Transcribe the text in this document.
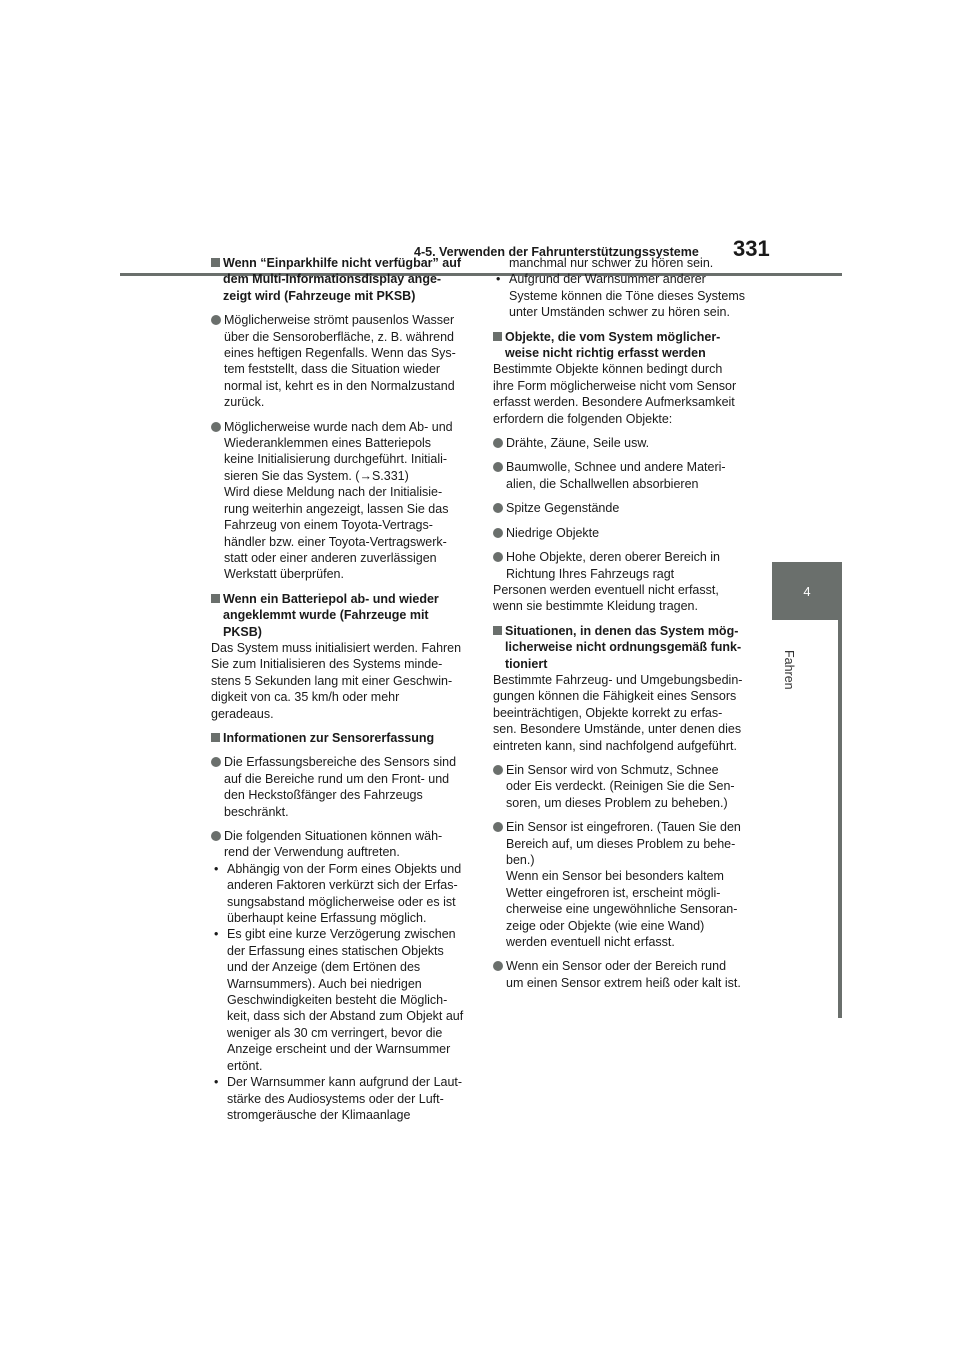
4-5. Verwenden der Fahrunterstützungssysteme	331
4
Fahren
Wenn “Einparkhilfe nicht verfügbar” auf
dem Multi-Informationsdisplay ange-
zeigt wird (Fahrzeuge mit PKSB)
Möglicherweise strömt pausenlos Wasser
über die Sensoroberfläche, z. B. während
eines heftigen Regenfalls. Wenn das Sys-
tem feststellt, dass die Situation wieder
normal ist, kehrt es in den Normalzustand
zurück.
Möglicherweise wurde nach dem Ab- und
Wiederanklemmen eines Batteriepols
keine Initialisierung durchgeführt. Initiali-
sieren Sie das System. (→S.331)
Wird diese Meldung nach der Initialisie-
rung weiterhin angezeigt, lassen Sie das
Fahrzeug von einem Toyota-Vertrags-
händler bzw. einer Toyota-Vertragswerk-
statt oder einer anderen zuverlässigen
Werkstatt überprüfen.
Wenn ein Batteriepol ab- und wieder
angeklemmt wurde (Fahrzeuge mit
PKSB)

Das System muss initialisiert werden. Fahren
Sie zum Initialisieren des Systems minde-
stens 5 Sekunden lang mit einer Geschwin-
digkeit von ca. 35 km/h oder mehr
geradeaus.

Informationen zur Sensorerfassung
Die Erfassungsbereiche des Sensors sind
auf die Bereiche rund um den Front- und
den Heckstoßfänger des Fahrzeugs
beschränkt.
Die folgenden Situationen können wäh-
rend der Verwendung auftreten.
• Abhängig von der Form eines Objekts und
anderen Faktoren verkürzt sich der Erfas-
sungsabstand möglicherweise oder es ist
überhaupt keine Erfassung möglich.
• Es gibt eine kurze Verzögerung zwischen
der Erfassung eines statischen Objekts
und der Anzeige (dem Ertönen des
Warnsummers). Auch bei niedrigen
Geschwindigkeiten besteht die Möglich-
keit, dass sich der Abstand zum Objekt auf
weniger als 30 cm verringert, bevor die
Anzeige erscheint und der Warnsummer
ertönt.
• Der Warnsummer kann aufgrund der Laut-
stärke des Audiosystems oder der Luft-
stromgeräusche der Klimaanlage

manchmal nur schwer zu hören sein.

• Aufgrund der Warnsummer anderer
Systeme können die Töne dieses Systems
unter Umständen schwer zu hören sein.
Objekte, die vom System möglicher-
weise nicht richtig erfasst werden

Bestimmte Objekte können bedingt durch
ihre Form möglicherweise nicht vom Sensor
erfasst werden. Besondere Aufmerksamkeit
erfordern die folgenden Objekte:

Drähte, Zäune, Seile usw.
Baumwolle, Schnee und andere Materi-
alien, die Schallwellen absorbieren
Spitze Gegenstände
Niedrige Objekte
Hohe Objekte, deren oberer Bereich in
Richtung Ihres Fahrzeugs ragt

Personen werden eventuell nicht erfasst,
wenn sie bestimmte Kleidung tragen.

Situationen, in denen das System mög-
licherweise nicht ordnungsgemäß funk-
tioniert

Bestimmte Fahrzeug- und Umgebungsbedin-
gungen können die Fähigkeit eines Sensors
beeinträchtigen, Objekte korrekt zu erfas-
sen. Besondere Umstände, unter denen dies
eintreten kann, sind nachfolgend aufgeführt.

Ein Sensor wird von Schmutz, Schnee
oder Eis verdeckt. (Reinigen Sie die Sen-
soren, um dieses Problem zu beheben.)
Ein Sensor ist eingefroren. (Tauen Sie den
Bereich auf, um dieses Problem zu behe-
ben.)
Wenn ein Sensor bei besonders kaltem
Wetter eingefroren ist, erscheint mögli-
cherweise eine ungewöhnliche Sensoran-
zeige oder Objekte (wie eine Wand)
werden eventuell nicht erfasst.
Wenn ein Sensor oder der Bereich rund
um einen Sensor extrem heiß oder kalt ist.
